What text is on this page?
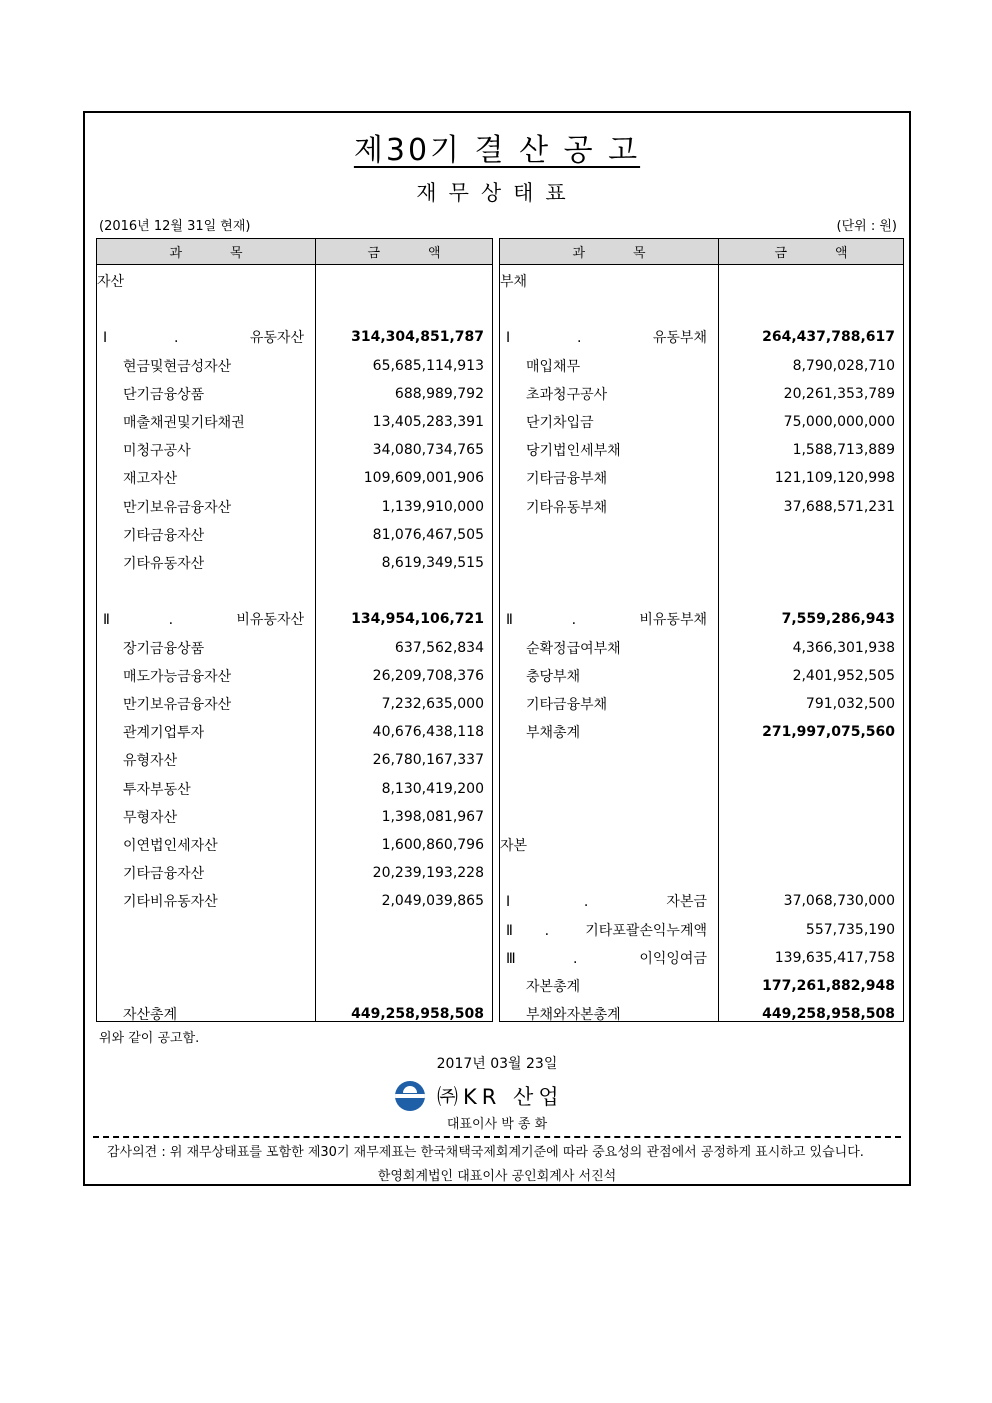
제30기 결 산 공 고
재무상태표
(2016년 12월 31일 현재)	(단위 : 원)
과목	금액
자산
Ⅰ. 유동자산	314,304,851,787
현금및현금성자산	65,685,114,913
단기금융상품	688,989,792
매출채권및기타채권	13,405,283,391
미청구공사	34,080,734,765
재고자산	109,609,001,906
만기보유금융자산	1,139,910,000
기타금융자산	81,076,467,505
기타유동자산	8,619,349,515
Ⅱ. 비유동자산	134,954,106,721
장기금융상품	637,562,834
매도가능금융자산	26,209,708,376
만기보유금융자산	7,232,635,000
관계기업투자	40,676,438,118
유형자산	26,780,167,337
투자부동산	8,130,419,200
무형자산	1,398,081,967
이연법인세자산	1,600,860,796
기타금융자산	20,239,193,228
기타비유동자산	2,049,039,865
자산총계	449,258,958,508
과목	금액
부채
Ⅰ. 유동부채	264,437,788,617
매입채무	8,790,028,710
초과청구공사	20,261,353,789
단기차입금	75,000,000,000
당기법인세부채	1,588,713,889
기타금융부채	121,109,120,998
기타유동부채	37,688,571,231
Ⅱ. 비유동부채	7,559,286,943
순확정급여부채	4,366,301,938
충당부채	2,401,952,505
기타금융부채	791,032,500
부채총계	271,997,075,560
자본
Ⅰ. 자본금	37,068,730,000
Ⅱ. 기타포괄손익누계액	557,735,190
Ⅲ. 이익잉여금	139,635,417,758
자본총계	177,261,882,948
부채와자본총계	449,258,958,508
위와 같이 공고함.
2017년 03월 23일
㈜KR 산업
대표이사 박 종 화
감사의견 : 위 재무상태표를 포함한 제30기 재무제표는 한국채택국제회계기준에 따라 중요성의 관점에서 공정하게 표시하고 있습니다.
한영회계법인 대표이사 공인회계사 서진석
